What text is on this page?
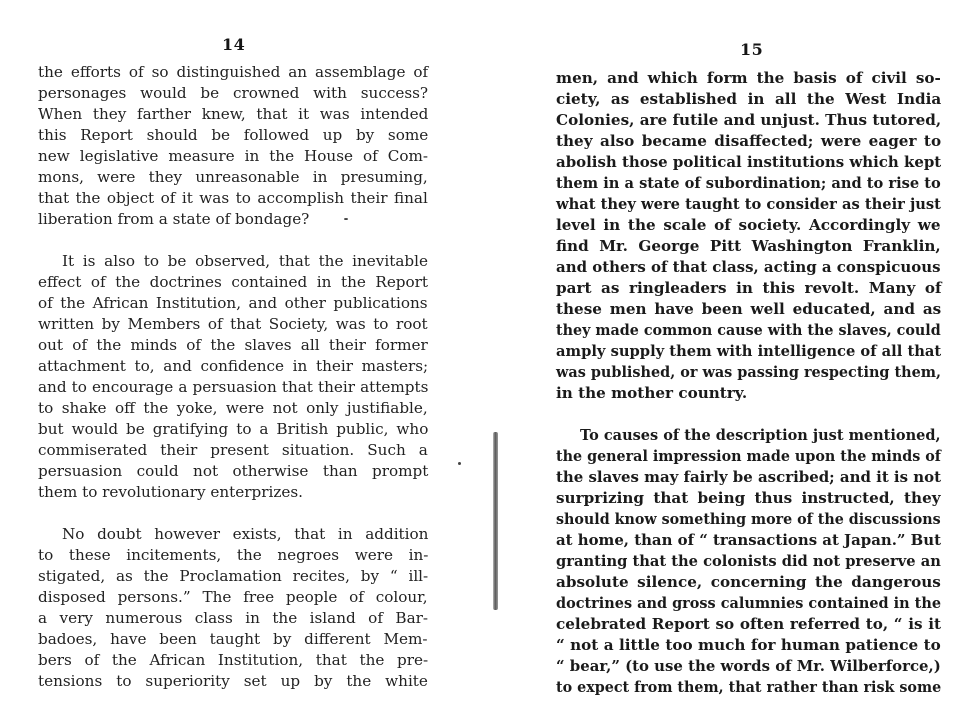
14
the efforts of so distinguished an assemblage of
personages would be crowned with success?
When they farther knew, that it was intended
this Report should be followed up by some
new legislative measure in the House of Com-
mons, were they unreasonable in presuming,
that the object of it was to accomplish their final
liberation from a state of bondage?
It is also to be observed, that the inevitable
effect of the doctrines contained in the Report
of the African Institution, and other publications
written by Members of that Society, was to root
out of the minds of the slaves all their former
attachment to, and confidence in their masters;
and to encourage a persuasion that their attempts
to shake off the yoke, were not only justifiable,
but would be gratifying to a British public, who
commiserated their present situation. Such a
persuasion could not otherwise than prompt
them to revolutionary enterprizes.
No doubt however exists, that in addition
to these incitements, the negroes were in-
stigated, as the Proclamation recites, by “ ill-
disposed persons.” The free people of colour,
a very numerous class in the island of Bar-
badoes, have been taught by different Mem-
bers of the African Institution, that the pre-
tensions to superiority set up by the white
15
men, and which form the basis of civil so-
ciety, as established in all the West India
Colonies, are futile and unjust. Thus tutored,
they also became disaffected; were eager to
abolish those political institutions which kept
them in a state of subordination; and to rise to
what they were taught to consider as their just
level in the scale of society. Accordingly we
find Mr. George Pitt Washington Franklin,
and others of that class, acting a conspicuous
part as ringleaders in this revolt. Many of
these men have been well educated, and as
they made common cause with the slaves, could
amply supply them with intelligence of all that
was published, or was passing respecting them,
in the mother country.
To causes of the description just mentioned,
the general impression made upon the minds of
the slaves may fairly be ascribed; and it is not
surprizing that being thus instructed, they
should know something more of the discussions
at home, than of “ transactions at Japan.” But
granting that the colonists did not preserve an
absolute silence, concerning the dangerous
doctrines and gross calumnies contained in the
celebrated Report so often referred to, “ is it
“ not a little too much for human patience to
“ bear,” (to use the words of Mr. Wilberforce,)
to expect from them, that rather than risk some
